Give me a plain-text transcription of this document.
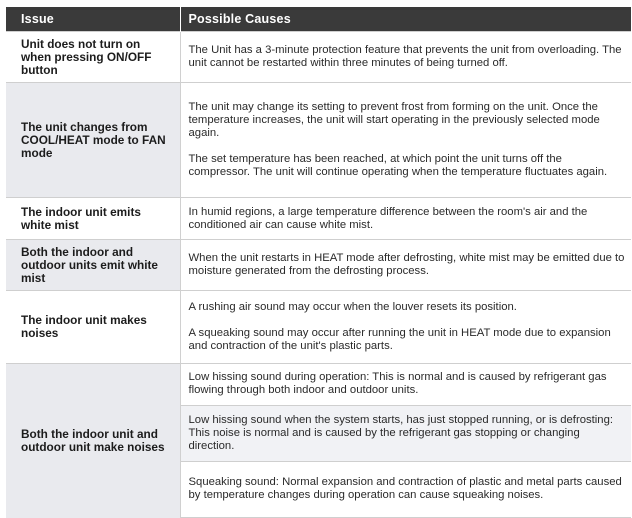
Issue	Possible Causes
Unit does not turn on when pressing ON/OFF button	The Unit has a 3-minute protection feature that prevents the unit from overloading. The unit cannot be restarted within three minutes of being turned off.

The unit changes from COOL/HEAT mode to FAN mode	The unit may change its setting to prevent frost from forming on the unit. Once the temperature increases, the unit will start operating in the previously selected mode again.

The set temperature has been reached, at which point the unit turns off the compressor. The unit will continue operating when the temperature fluctuates again.

The indoor unit emits white mist	In humid regions, a large temperature difference between the room's air and the conditioned air can cause white mist.

Both the indoor and outdoor units emit white mist	When the unit restarts in HEAT mode after defrosting, white mist may be emitted due to moisture generated from the defrosting process.

The indoor unit makes noises	A rushing air sound may occur when the louver resets its position.

A squeaking sound may occur after running the unit in HEAT mode due to expansion and contraction of the unit's plastic parts.

Both the indoor unit and outdoor unit make noises	Low hissing sound during operation: This is normal and is caused by refrigerant gas flowing through both indoor and outdoor units.

	Low hissing sound when the system starts, has just stopped running, or is defrosting: This noise is normal and is caused by the refrigerant gas stopping or changing direction.

	Squeaking sound: Normal expansion and contraction of plastic and metal parts caused by temperature changes during operation can cause squeaking noises.
